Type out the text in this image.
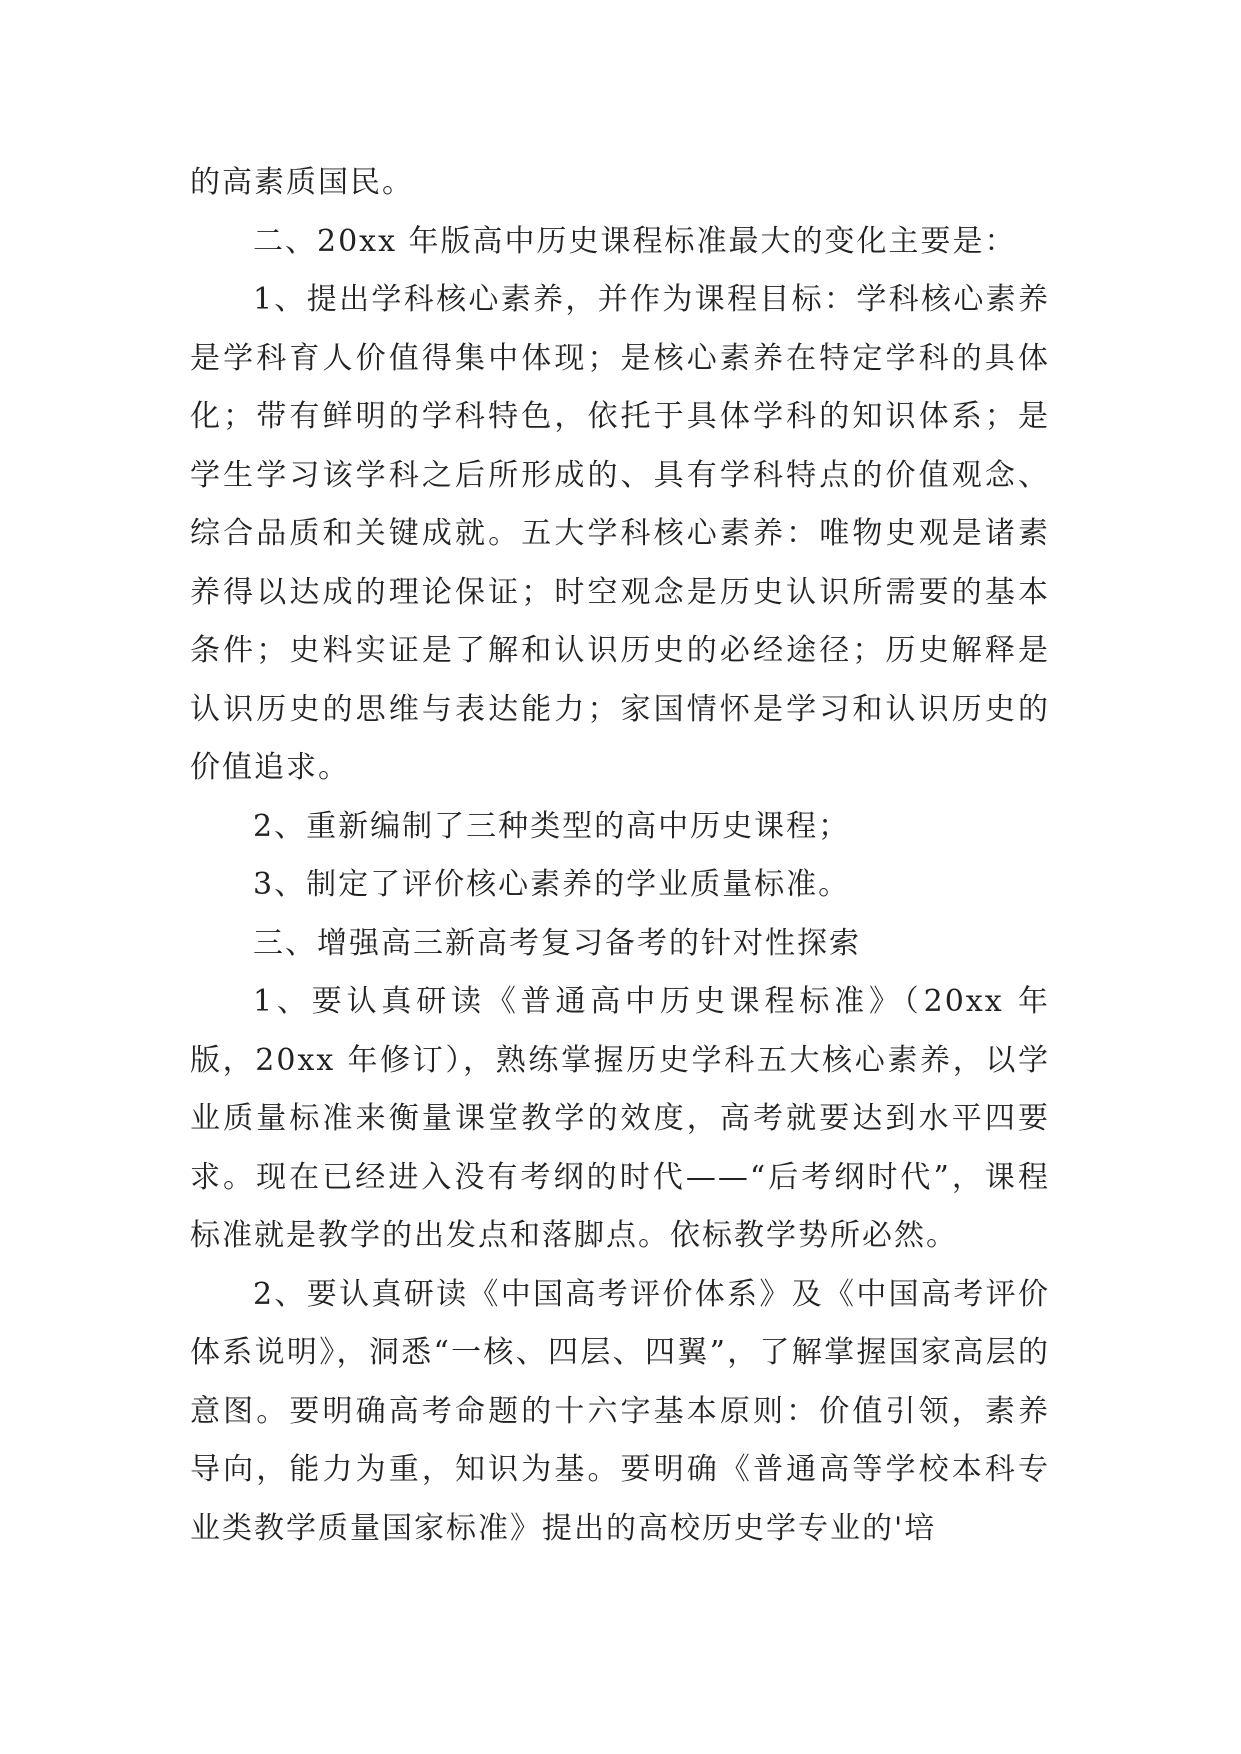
的高素质国民。

二、20xx 年版高中历史课程标准最大的变化主要是：

1、提出学科核心素养，并作为课程目标：学科核心素养是学科育人价值得集中体现；是核心素养在特定学科的具体化；带有鲜明的学科特色，依托于具体学科的知识体系；是学生学习该学科之后所形成的、具有学科特点的价值观念、综合品质和关键成就。五大学科核心素养：唯物史观是诸素养得以达成的理论保证；时空观念是历史认识所需要的基本条件；史料实证是了解和认识历史的必经途径；历史解释是认识历史的思维与表达能力；家国情怀是学习和认识历史的价值追求。

2、重新编制了三种类型的高中历史课程；

3、制定了评价核心素养的学业质量标准。

三、增强高三新高考复习备考的针对性探索

1、要认真研读《普通高中历史课程标准》（20xx 年版，20xx 年修订），熟练掌握历史学科五大核心素养，以学业质量标准来衡量课堂教学的效度，高考就要达到水平四要求。现在已经进入没有考纲的时代——“后考纲时代”，课程标准就是教学的出发点和落脚点。依标教学势所必然。

2、要认真研读《中国高考评价体系》及《中国高考评价体系说明》，洞悉“一核、四层、四翼”，了解掌握国家高层的意图。要明确高考命题的十六字基本原则：价值引领，素养导向，能力为重，知识为基。要明确《普通高等学校本科专业类教学质量国家标准》提出的高校历史学专业的'培
